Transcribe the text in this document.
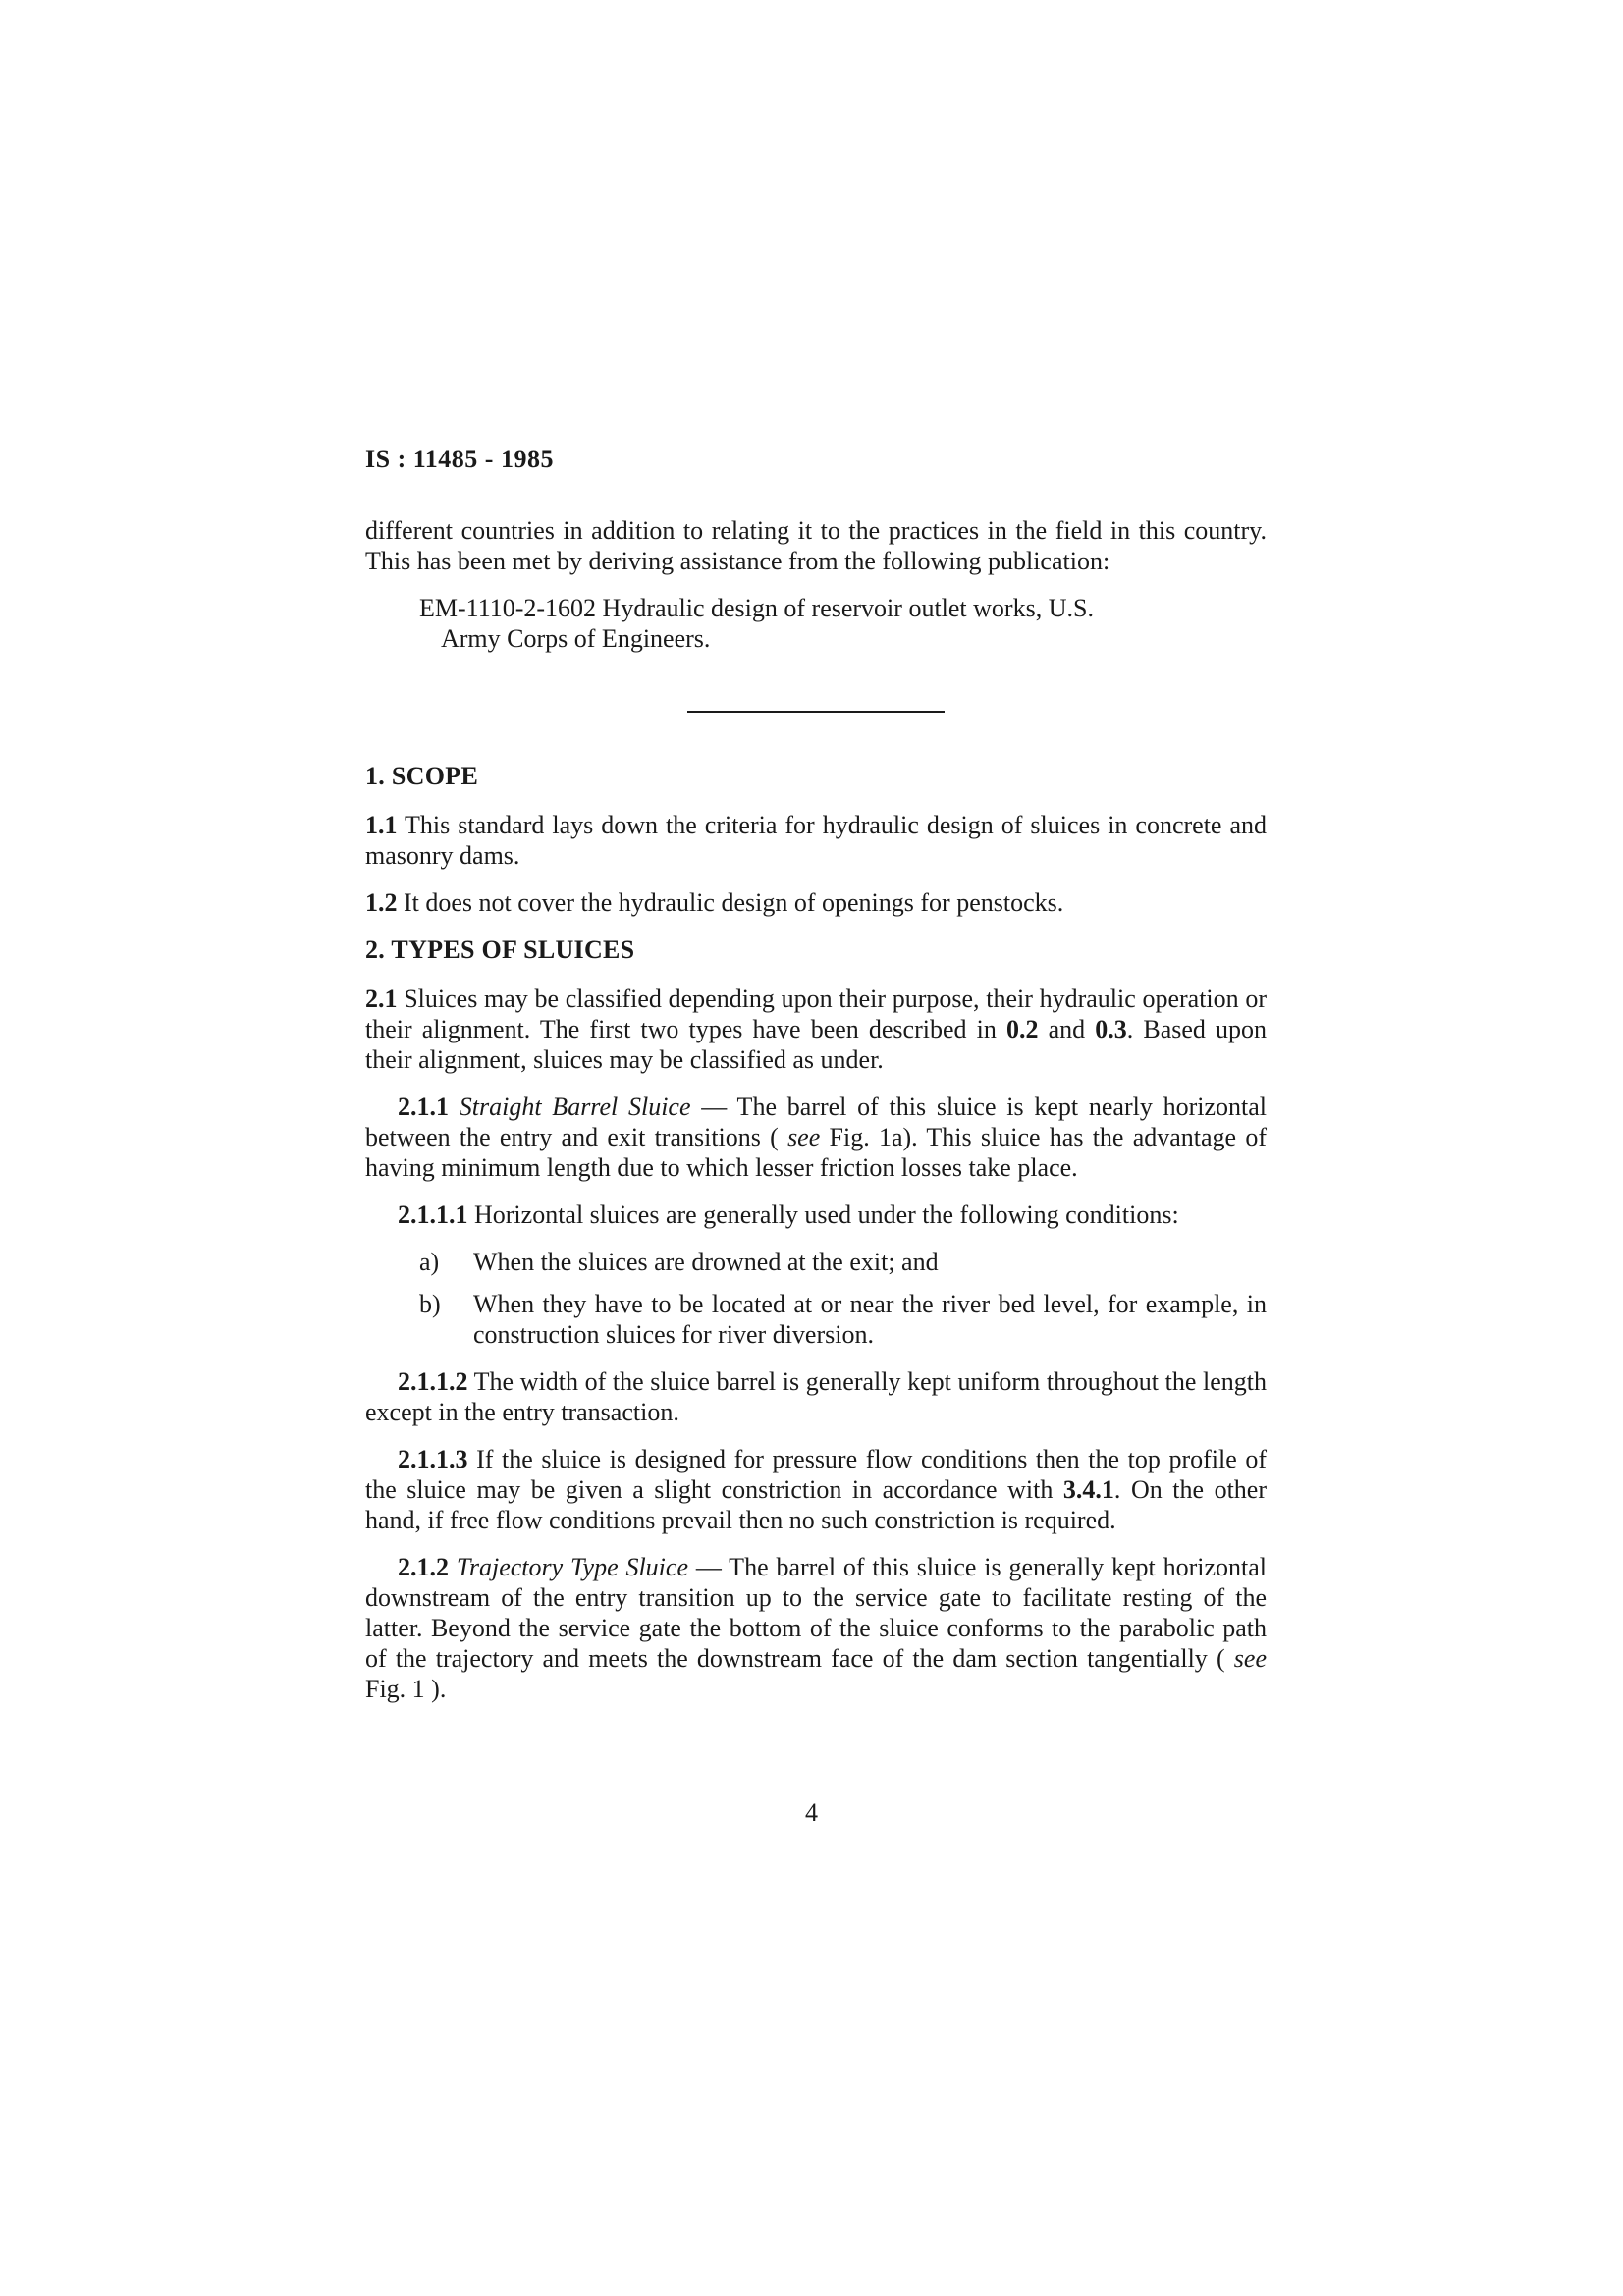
IS : 11485 - 1985

different countries in addition to relating it to the practices in the field in this country. This has been met by deriving assistance from the following publication:

EM-1110-2-1602 Hydraulic design of reservoir outlet works, U.S.
Army Corps of Engineers.

1. SCOPE

1.1 This standard lays down the criteria for hydraulic design of sluices in concrete and masonry dams.

1.2 It does not cover the hydraulic design of openings for penstocks.

2. TYPES OF SLUICES

2.1 Sluices may be classified depending upon their purpose, their hydraulic operation or their alignment. The first two types have been described in 0.2 and 0.3. Based upon their alignment, sluices may be classified as under.

2.1.1 Straight Barrel Sluice — The barrel of this sluice is kept nearly horizontal between the entry and exit transitions ( see Fig. 1a). This sluice has the advantage of having minimum length due to which lesser friction losses take place.

2.1.1.1 Horizontal sluices are generally used under the following conditions:

a)	When the sluices are drowned at the exit; and
b)	When they have to be located at or near the river bed level, for example, in construction sluices for river diversion.

2.1.1.2 The width of the sluice barrel is generally kept uniform throughout the length except in the entry transaction.

2.1.1.3 If the sluice is designed for pressure flow conditions then the top profile of the sluice may be given a slight constriction in accordance with 3.4.1. On the other hand, if free flow conditions prevail then no such constriction is required.

2.1.2 Trajectory Type Sluice — The barrel of this sluice is generally kept horizontal downstream of the entry transition up to the service gate to facilitate resting of the latter. Beyond the service gate the bottom of the sluice conforms to the parabolic path of the trajectory and meets the downstream face of the dam section tangentially ( see Fig. 1 ).

4
